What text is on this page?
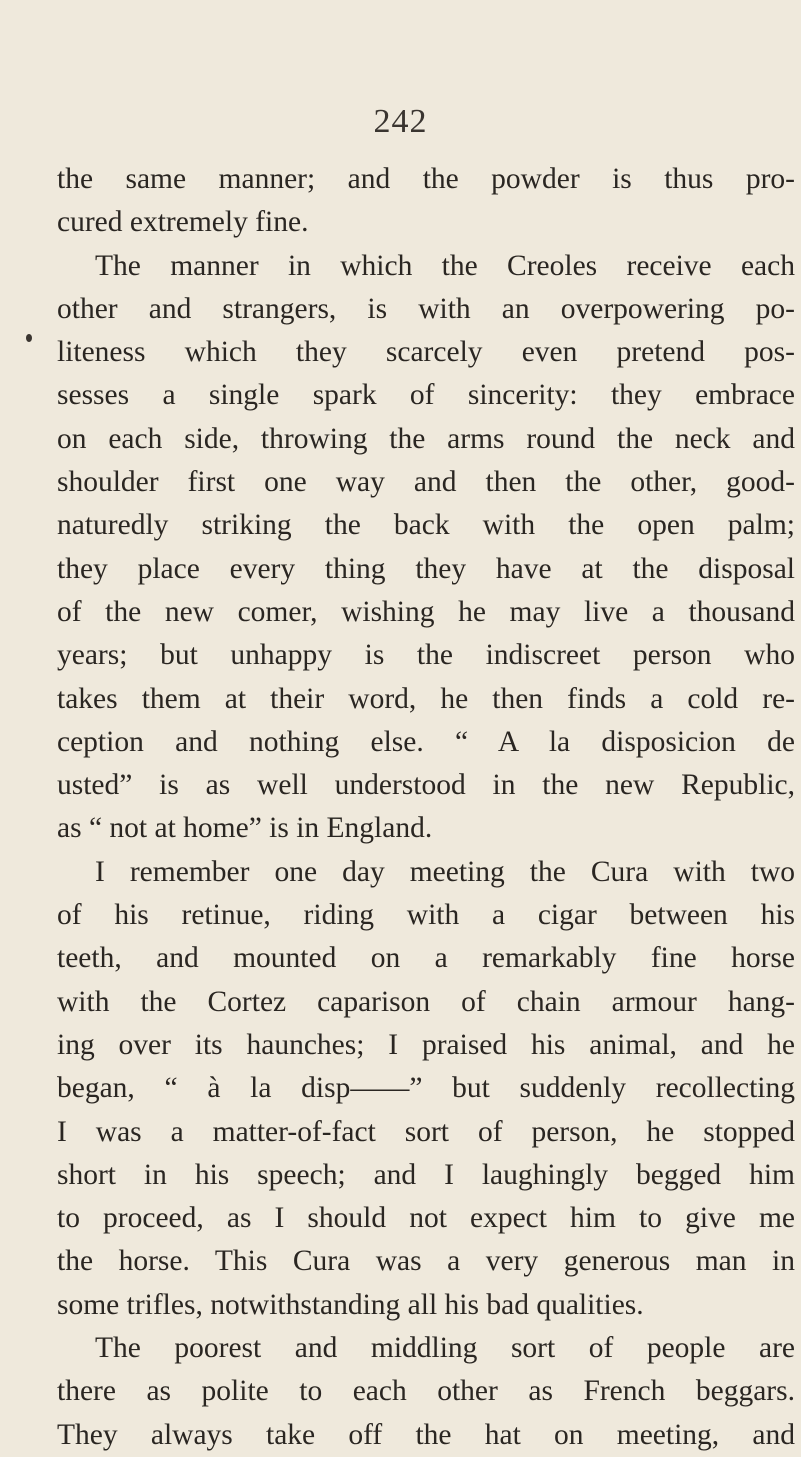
242
the same manner; and the powder is thus pro-
cured extremely fine.
The manner in which the Creoles receive each
other and strangers, is with an overpowering po-
liteness which they scarcely even pretend pos-
sesses a single spark of sincerity: they embrace
on each side, throwing the arms round the neck and
shoulder first one way and then the other, good-
naturedly striking the back with the open palm;
they place every thing they have at the disposal
of the new comer, wishing he may live a thousand
years; but unhappy is the indiscreet person who
takes them at their word, he then finds a cold re-
ception and nothing else. “ A la disposicion de
usted” is as well understood in the new Republic,
as “ not at home” is in England.
I remember one day meeting the Cura with two
of his retinue, riding with a cigar between his
teeth, and mounted on a remarkably fine horse
with the Cortez caparison of chain armour hang-
ing over its haunches; I praised his animal, and he
began, “ à la disp——” but suddenly recollecting
I was a matter-of-fact sort of person, he stopped
short in his speech; and I laughingly begged him
to proceed, as I should not expect him to give me
the horse. This Cura was a very generous man in
some trifles, notwithstanding all his bad qualities.
The poorest and middling sort of people are
there as polite to each other as French beggars.
They always take off the hat on meeting, and
